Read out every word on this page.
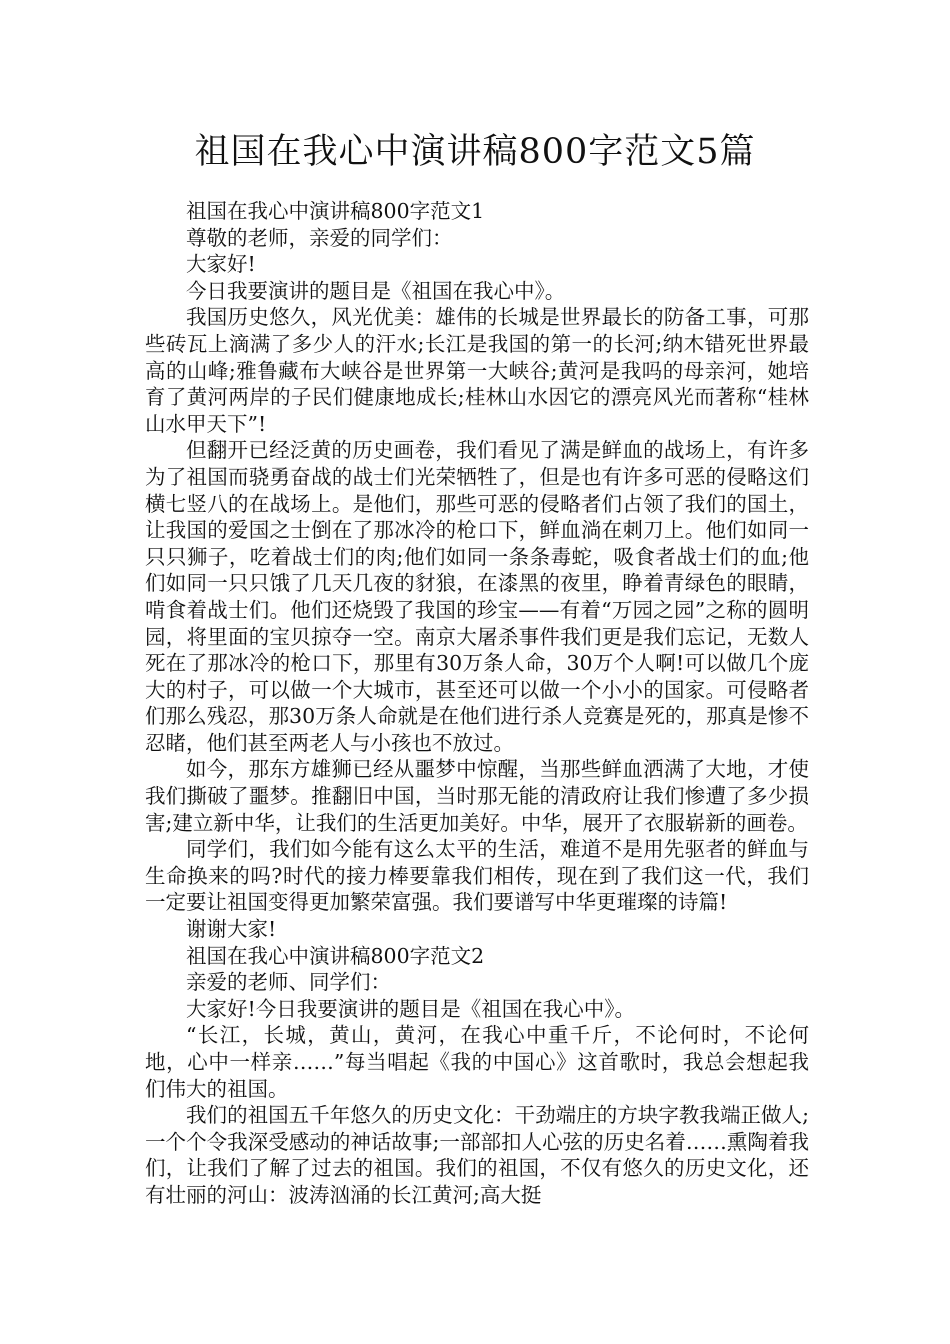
祖国在我心中演讲稿800字范文5篇

祖国在我心中演讲稿800字范文1

尊敬的老师，亲爱的同学们：

大家好!

今日我要演讲的题目是《祖国在我心中》。

我国历史悠久，风光优美：雄伟的长城是世界最长的防备工事，可那些砖瓦上滴满了多少人的汗水;长江是我国的第一的长河;纳木错死世界最高的山峰;雅鲁藏布大峡谷是世界第一大峡谷;黄河是我吗的母亲河，她培育了黄河两岸的子民们健康地成长;桂林山水因它的漂亮风光而著称“桂林山水甲天下”!

但翻开已经泛黄的历史画卷，我们看见了满是鲜血的战场上，有许多为了祖国而骁勇奋战的战士们光荣牺牲了，但是也有许多可恶的侵略这们横七竖八的在战场上。是他们，那些可恶的侵略者们占领了我们的国土，让我国的爱国之士倒在了那冰冷的枪口下，鲜血淌在刺刀上。他们如同一只只狮子，吃着战士们的肉;他们如同一条条毒蛇，吸食者战士们的血;他们如同一只只饿了几天几夜的豺狼，在漆黑的夜里，睁着青绿色的眼睛，啃食着战士们。他们还烧毁了我国的珍宝——有着“万园之园”之称的圆明园，将里面的宝贝掠夺一空。南京大屠杀事件我们更是我们忘记，无数人死在了那冰冷的枪口下，那里有30万条人命，30万个人啊!可以做几个庞大的村子，可以做一个大城市，甚至还可以做一个小小的国家。可侵略者们那么残忍，那30万条人命就是在他们进行杀人竞赛是死的，那真是惨不忍睹，他们甚至两老人与小孩也不放过。

如今，那东方雄狮已经从噩梦中惊醒，当那些鲜血洒满了大地，才使我们撕破了噩梦。推翻旧中国，当时那无能的清政府让我们惨遭了多少损害;建立新中华，让我们的生活更加美好。中华，展开了衣服崭新的画卷。

同学们，我们如今能有这么太平的生活，难道不是用先驱者的鲜血与生命换来的吗?时代的接力棒要靠我们相传，现在到了我们这一代，我们一定要让祖国变得更加繁荣富强。我们要谱写中华更璀璨的诗篇!

谢谢大家!

祖国在我心中演讲稿800字范文2

亲爱的老师、同学们：

大家好!今日我要演讲的题目是《祖国在我心中》。

“长江，长城，黄山，黄河，在我心中重千斤，不论何时，不论何地，心中一样亲……”每当唱起《我的中国心》这首歌时，我总会想起我们伟大的祖国。

我们的祖国五千年悠久的历史文化：干劲端庄的方块字教我端正做人;一个个令我深受感动的神话故事;一部部扣人心弦的历史名着……熏陶着我们，让我们了解了过去的祖国。我们的祖国，不仅有悠久的历史文化，还有壮丽的河山：波涛汹涌的长江黄河;高大挺
